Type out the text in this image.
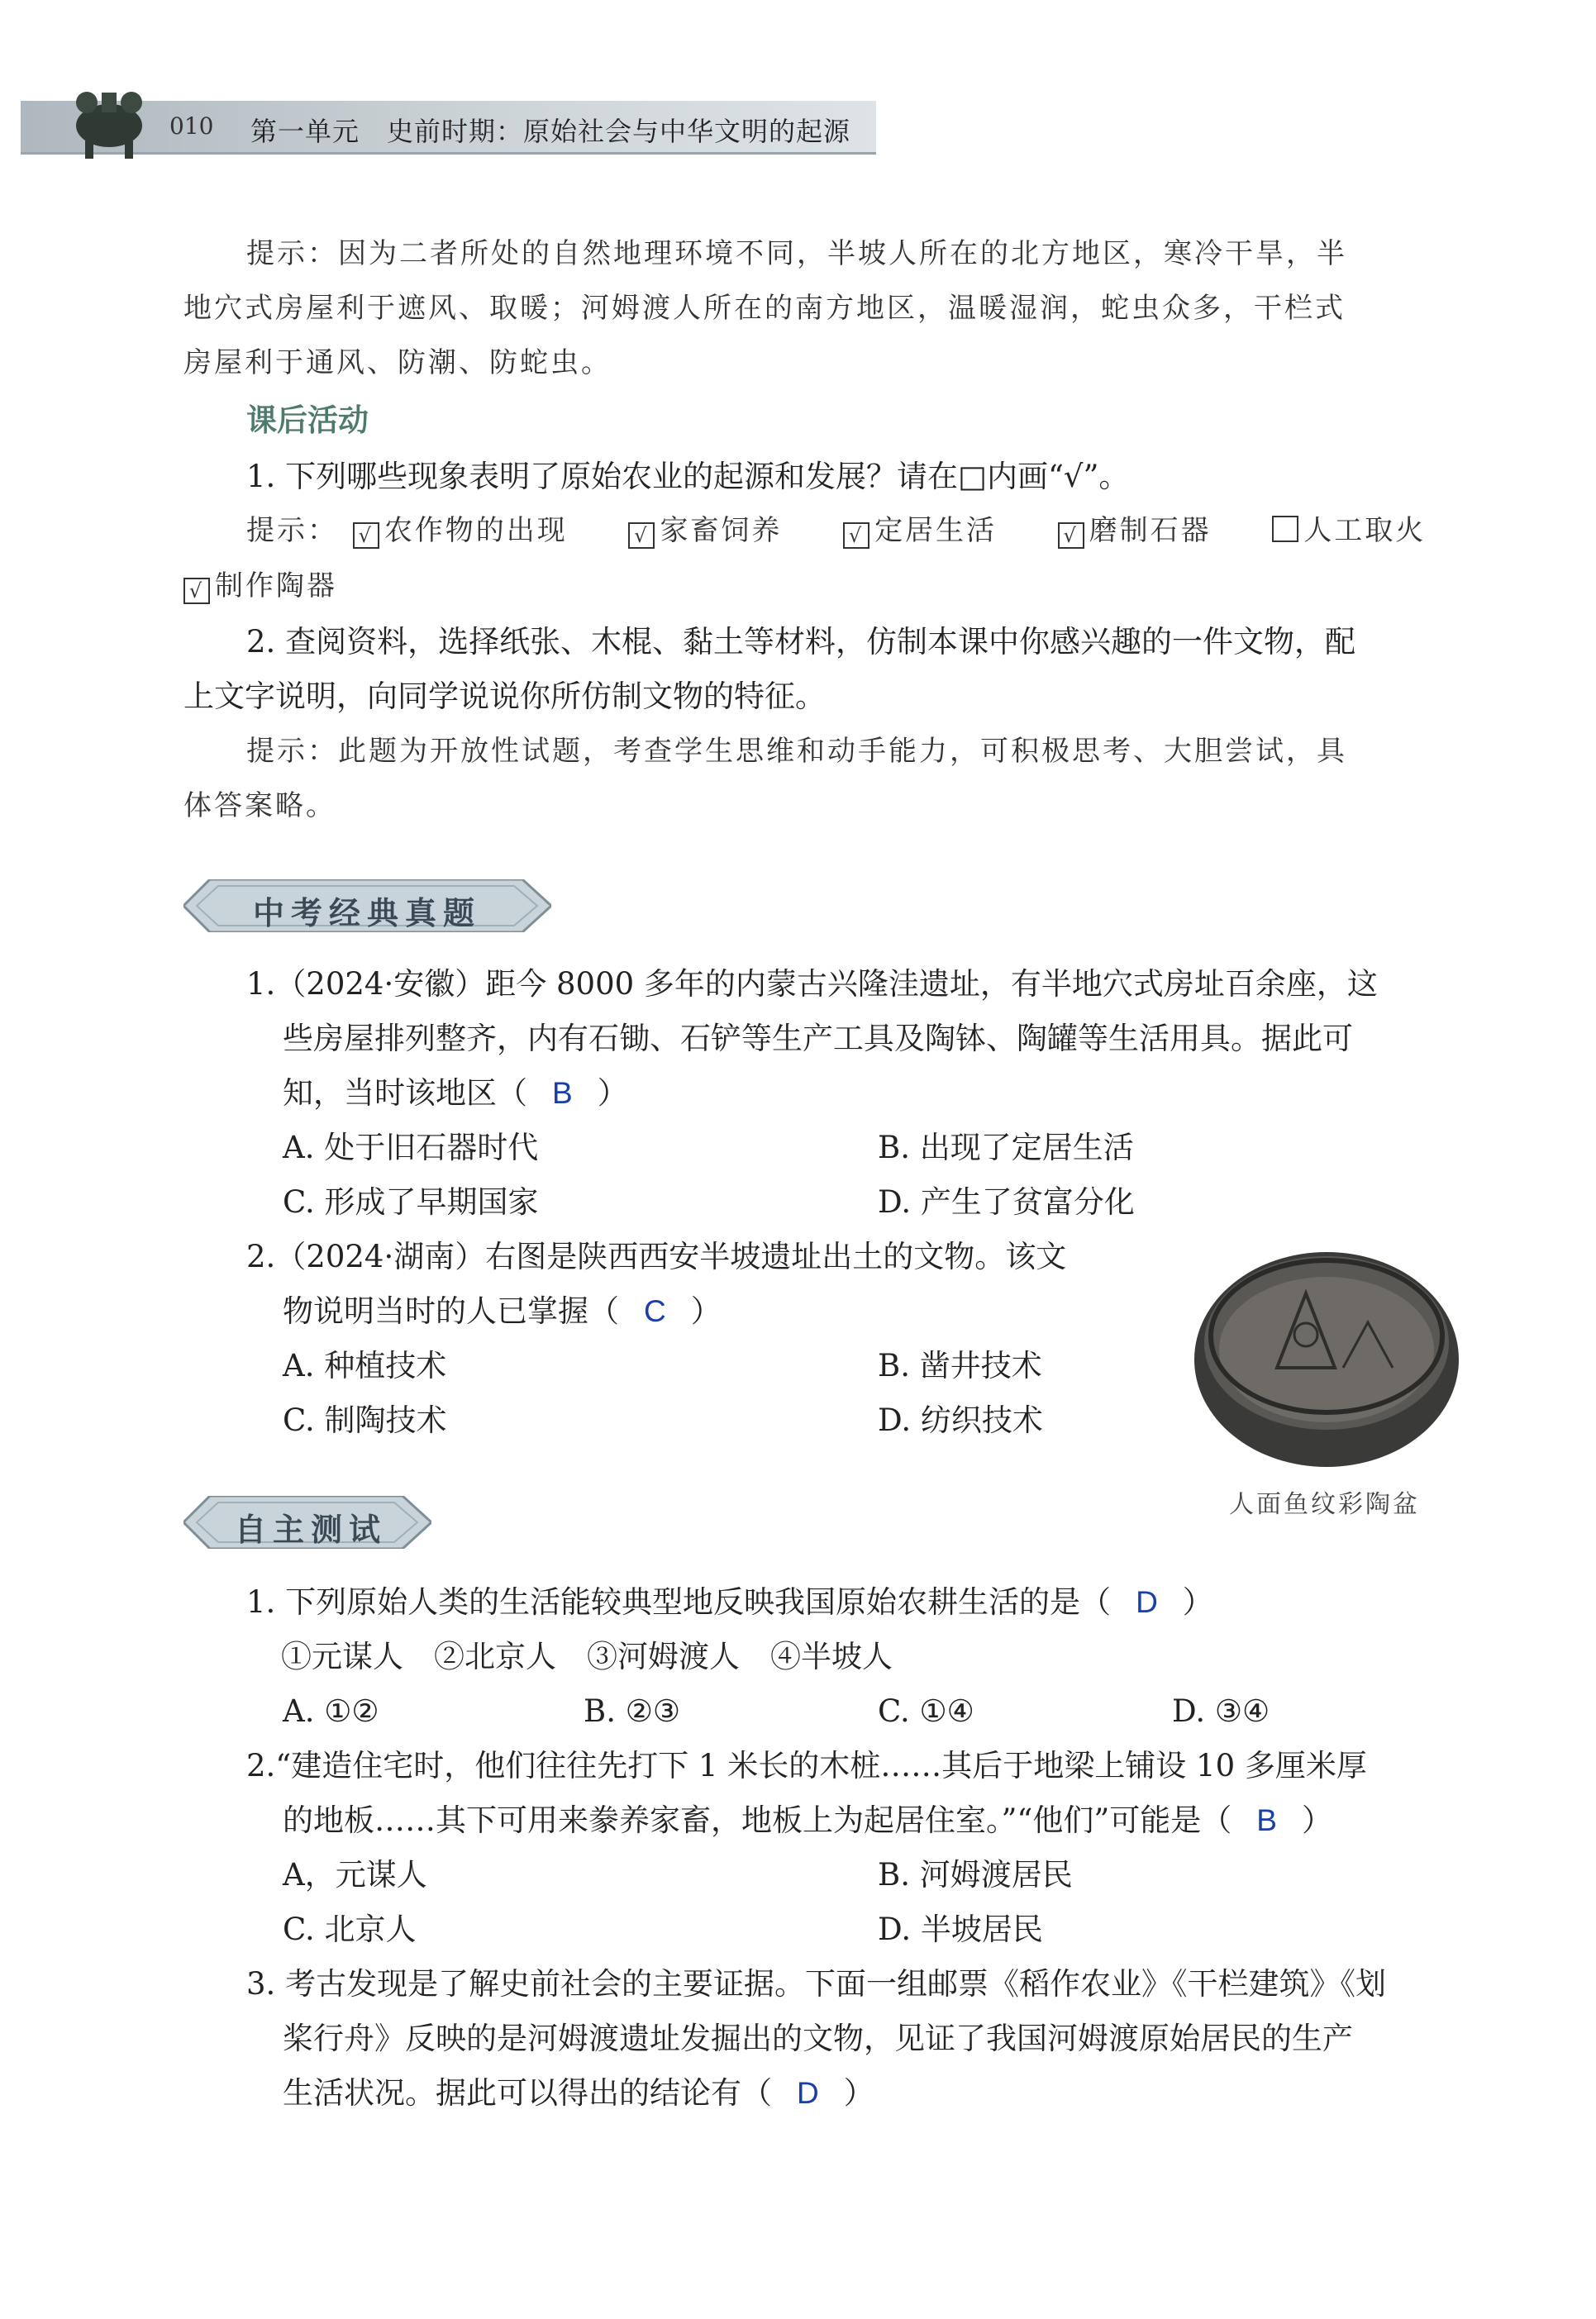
010 第一单元　史前时期：原始社会与中华文明的起源
提示：因为二者所处的自然地理环境不同，半坡人所在的北方地区，寒冷干旱，半
地穴式房屋利于遮风、取暖；河姆渡人所在的南方地区，温暖湿润，蛇虫众多，干栏式
房屋利于通风、防潮、防蛇虫。
课后活动
1. 下列哪些现象表明了原始农业的起源和发展？请在□内画“√”。
提示： √ 农作物的出现	√ 家畜饲养	√ 定居生活	√ 磨制石器	人工取火
√ 制作陶器
2. 查阅资料，选择纸张、木棍、黏土等材料，仿制本课中你感兴趣的一件文物，配
上文字说明，向同学说说你所仿制文物的特征。
提示：此题为开放性试题，考查学生思维和动手能力，可积极思考、大胆尝试，具
体答案略。
中考经典真题
1.（2024·安徽）距今 8000 多年的内蒙古兴隆洼遗址，有半地穴式房址百余座，这
些房屋排列整齐，内有石锄、石铲等生产工具及陶钵、陶罐等生活用具。据此可
知，当时该地区（ B ）
A. 处于旧石器时代	B. 出现了定居生活
C. 形成了早期国家	D. 产生了贫富分化
2.（2024·湖南）右图是陕西西安半坡遗址出土的文物。该文
物说明当时的人已掌握（ C ）
A. 种植技术	B. 凿井技术
C. 制陶技术	D. 纺织技术
人面鱼纹彩陶盆
自主测试
1. 下列原始人类的生活能较典型地反映我国原始农耕生活的是（ D ）
①元谋人　②北京人　③河姆渡人　④半坡人
A. ①②	B. ②③	C. ①④	D. ③④
2.“建造住宅时，他们往往先打下 1 米长的木桩……其后于地梁上铺设 10 多厘米厚
的地板……其下可用来豢养家畜，地板上为起居住室。”“他们”可能是（ B ）
A，元谋人	B. 河姆渡居民
C. 北京人	D. 半坡居民
3. 考古发现是了解史前社会的主要证据。下面一组邮票《稻作农业》《干栏建筑》《划
桨行舟》反映的是河姆渡遗址发掘出的文物，见证了我国河姆渡原始居民的生产
生活状况。据此可以得出的结论有（ D ）
